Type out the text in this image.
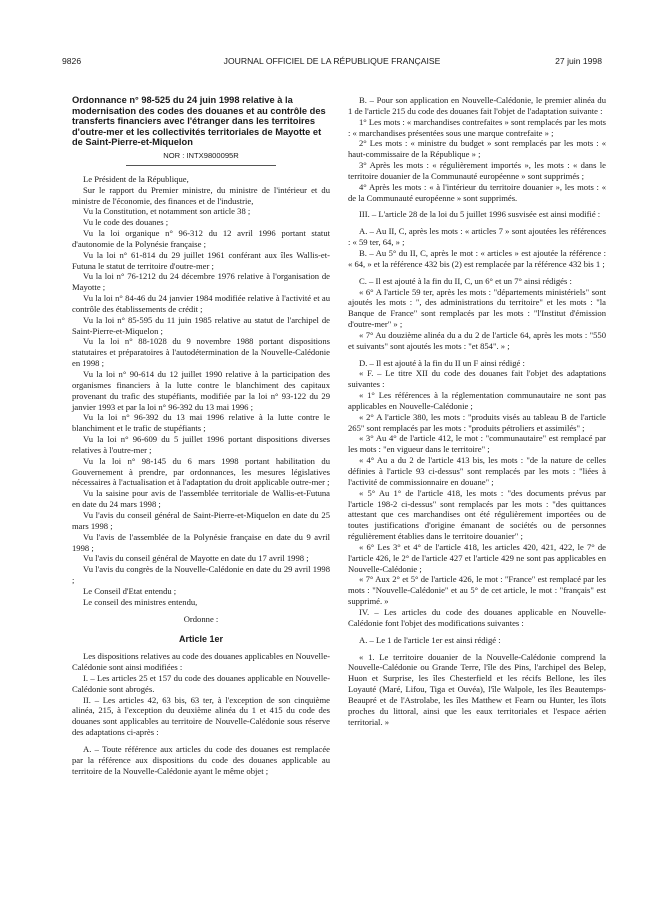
9826	JOURNAL OFFICIEL DE LA RÉPUBLIQUE FRANÇAISE	27 juin 1998

Ordonnance n° 98-525 du 24 juin 1998 relative à la modernisation des codes des douanes et au contrôle des transferts financiers avec l'étranger dans les territoires d'outre-mer et les collectivités territoriales de Mayotte et de Saint-Pierre-et-Miquelon

NOR : INTX9800095R

Le Président de la République,

Sur le rapport du Premier ministre, du ministre de l'intérieur et du ministre de l'économie, des finances et de l'industrie,

Vu la Constitution, et notamment son article 38 ;

Vu le code des douanes ;

Vu la loi organique n° 96-312 du 12 avril 1996 portant statut d'autonomie de la Polynésie française ;

Vu la loi n° 61-814 du 29 juillet 1961 conférant aux îles Wallis-et-Futuna le statut de territoire d'outre-mer ;

Vu la loi n° 76-1212 du 24 décembre 1976 relative à l'organisation de Mayotte ;

Vu la loi n° 84-46 du 24 janvier 1984 modifiée relative à l'activité et au contrôle des établissements de crédit ;

Vu la loi n° 85-595 du 11 juin 1985 relative au statut de l'archipel de Saint-Pierre-et-Miquelon ;

Vu la loi n° 88-1028 du 9 novembre 1988 portant dispositions statutaires et préparatoires à l'autodétermination de la Nouvelle-Calédonie en 1998 ;

Vu la loi n° 90-614 du 12 juillet 1990 relative à la participation des organismes financiers à la lutte contre le blanchiment des capitaux provenant du trafic des stupéfiants, modifiée par la loi n° 93-122 du 29 janvier 1993 et par la loi n° 96-392 du 13 mai 1996 ;

Vu la loi n° 96-392 du 13 mai 1996 relative à la lutte contre le blanchiment et le trafic de stupéfiants ;

Vu la loi n° 96-609 du 5 juillet 1996 portant dispositions diverses relatives à l'outre-mer ;

Vu la loi n° 98-145 du 6 mars 1998 portant habilitation du Gouvernement à prendre, par ordonnances, les mesures législatives nécessaires à l'actualisation et à l'adaptation du droit applicable outre-mer ;

Vu la saisine pour avis de l'assemblée territoriale de Wallis-et-Futuna en date du 24 mars 1998 ;

Vu l'avis du conseil général de Saint-Pierre-et-Miquelon en date du 25 mars 1998 ;

Vu l'avis de l'assemblée de la Polynésie française en date du 9 avril 1998 ;

Vu l'avis du conseil général de Mayotte en date du 17 avril 1998 ;

Vu l'avis du congrès de la Nouvelle-Calédonie en date du 29 avril 1998 ;

Le Conseil d'Etat entendu ;

Le conseil des ministres entendu,

Ordonne :

Article 1er

Les dispositions relatives au code des douanes applicables en Nouvelle-Calédonie sont ainsi modifiées :

I. – Les articles 25 et 157 du code des douanes applicable en Nouvelle-Calédonie sont abrogés.

II. – Les articles 42, 63 bis, 63 ter, à l'exception de son cinquième alinéa, 215, à l'exception du deuxième alinéa du 1 et 415 du code des douanes sont applicables au territoire de Nouvelle-Calédonie sous réserve des adaptations ci-après :

A. – Toute référence aux articles du code des douanes est remplacée par la référence aux dispositions du code des douanes applicable au territoire de la Nouvelle-Calédonie ayant le même objet ;

B. – Pour son application en Nouvelle-Calédonie, le premier alinéa du 1 de l'article 215 du code des douanes fait l'objet de l'adaptation suivante :

1° Les mots : « marchandises contrefaites » sont remplacés par les mots : « marchandises présentées sous une marque contrefaite » ;

2° Les mots : « ministre du budget » sont remplacés par les mots : « haut-commissaire de la République » ;

3° Après les mots : « régulièrement importés », les mots : « dans le territoire douanier de la Communauté européenne » sont supprimés ;

4° Après les mots : « à l'intérieur du territoire douanier », les mots : « de la Communauté européenne » sont supprimés.

III. – L'article 28 de la loi du 5 juillet 1996 susvisée est ainsi modifié :

A. – Au II, C, après les mots : « articles 7 » sont ajoutées les références : « 59 ter, 64, » ;

B. – Au 5° du II, C, après le mot : « articles » est ajoutée la référence : « 64, » et la référence 432 bis (2) est remplacée par la référence 432 bis 1 ;

C. – Il est ajouté à la fin du II, C, un 6° et un 7° ainsi rédigés :

« 6° A l'article 59 ter, après les mots : "départements ministériels" sont ajoutés les mots : ", des administrations du territoire" et les mots : "la Banque de France" sont remplacés par les mots : "l'Institut d'émission d'outre-mer" » ;

« 7° Au douzième alinéa du a du 2 de l'article 64, après les mots : "550 et suivants" sont ajoutés les mots : "et 854". » ;

D. – Il est ajouté à la fin du II un F ainsi rédigé :

« F. – Le titre XII du code des douanes fait l'objet des adaptations suivantes :

« 1° Les références à la réglementation communautaire ne sont pas applicables en Nouvelle-Calédonie ;

« 2° A l'article 380, les mots : "produits visés au tableau B de l'article 265" sont remplacés par les mots : "produits pétroliers et assimilés" ;

« 3° Au 4° de l'article 412, le mot : "communautaire" est remplacé par les mots : "en vigueur dans le territoire" ;

« 4° Au a du 2 de l'article 413 bis, les mots : "de la nature de celles définies à l'article 93 ci-dessus" sont remplacés par les mots : "liées à l'activité de commissionnaire en douane" ;

« 5° Au 1° de l'article 418, les mots : "des documents prévus par l'article 198-2 ci-dessus" sont remplacés par les mots : "des quittances attestant que ces marchandises ont été régulièrement importées ou de toutes justifications d'origine émanant de sociétés ou de personnes régulièrement établies dans le territoire douanier" ;

« 6° Les 3° et 4° de l'article 418, les articles 420, 421, 422, le 7° de l'article 426, le 2° de l'article 427 et l'article 429 ne sont pas applicables en Nouvelle-Calédonie ;

« 7° Aux 2° et 5° de l'article 426, le mot : "France" est remplacé par les mots : "Nouvelle-Calédonie" et au 5° de cet article, le mot : "français" est supprimé. »

IV. – Les articles du code des douanes applicable en Nouvelle-Calédonie font l'objet des modifications suivantes :

A. – Le 1 de l'article 1er est ainsi rédigé :

« 1. Le territoire douanier de la Nouvelle-Calédonie comprend la Nouvelle-Calédonie ou Grande Terre, l'île des Pins, l'archipel des Belep, Huon et Surprise, les îles Chesterfield et les récifs Bellone, les îles Loyauté (Maré, Lifou, Tiga et Ouvéa), l'île Walpole, les îles Beautemps-Beaupré et de l'Astrolabe, les îles Matthew et Fearn ou Hunter, les îlots proches du littoral, ainsi que les eaux territoriales et l'espace aérien territorial. »
